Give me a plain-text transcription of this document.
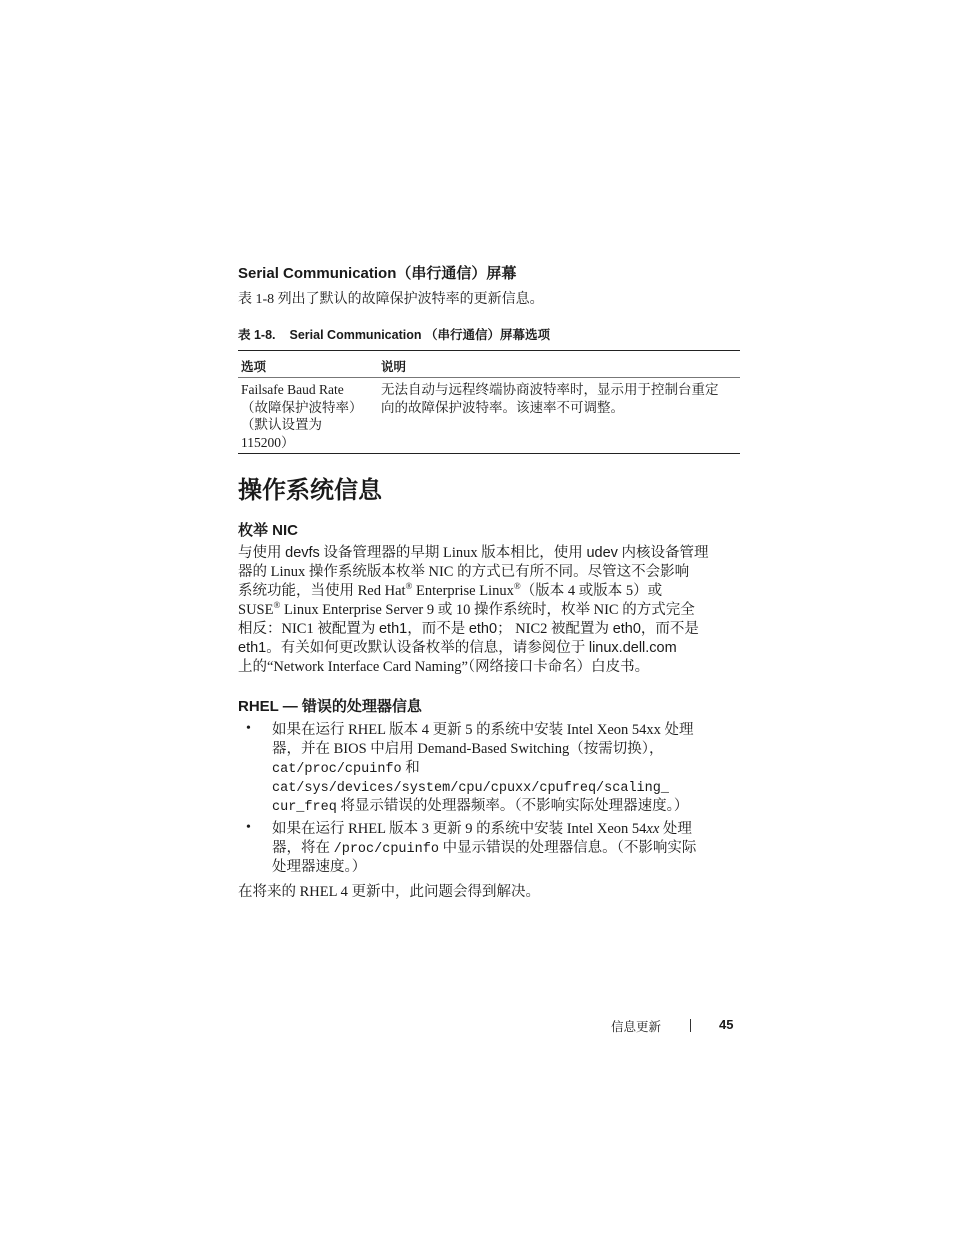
Serial Communication（串行通信）屏幕
表 1-8 列出了默认的故障保护波特率的更新信息。
表 1-8. Serial Communication （串行通信）屏幕选项
选项	说明
Failsafe Baud Rate
（故障保护波特率）
（默认设置为
115200）
无法自动与远程终端协商波特率时，显示用于控制台重定
向的故障保护波特率。该速率不可调整。
操作系统信息
枚举 NIC
与使用 devfs 设备管理器的早期 Linux 版本相比，使用 udev 内核设备管理
器的 Linux 操作系统版本枚举 NIC 的方式已有所不同。尽管这不会影响
系统功能，当使用 Red Hat® Enterprise Linux®（版本 4 或版本 5）或
SUSE® Linux Enterprise Server 9 或 10 操作系统时，枚举 NIC 的方式完全
相反：NIC1 被配置为 eth1，而不是 eth0； NIC2 被配置为 eth0，而不是
eth1。有关如何更改默认设备枚举的信息，请参阅位于 linux.dell.com
上的“Network Interface Card Naming”（网络接口卡命名）白皮书。
RHEL — 错误的处理器信息
• 如果在运行 RHEL 版本 4 更新 5 的系统中安装 Intel Xeon 54xx 处理
器，并在 BIOS 中启用 Demand-Based Switching（按需切换），
cat/proc/cpuinfo 和
cat/sys/devices/system/cpu/cpuxx/cpufreq/scaling_
cur_freq 将显示错误的处理器频率。（不影响实际处理器速度。）
• 如果在运行 RHEL 版本 3 更新 9 的系统中安装 Intel Xeon 54xx 处理
器，将在 /proc/cpuinfo 中显示错误的处理器信息。（不影响实际
处理器速度。）
在将来的 RHEL 4 更新中，此问题会得到解决。
信息更新	45
